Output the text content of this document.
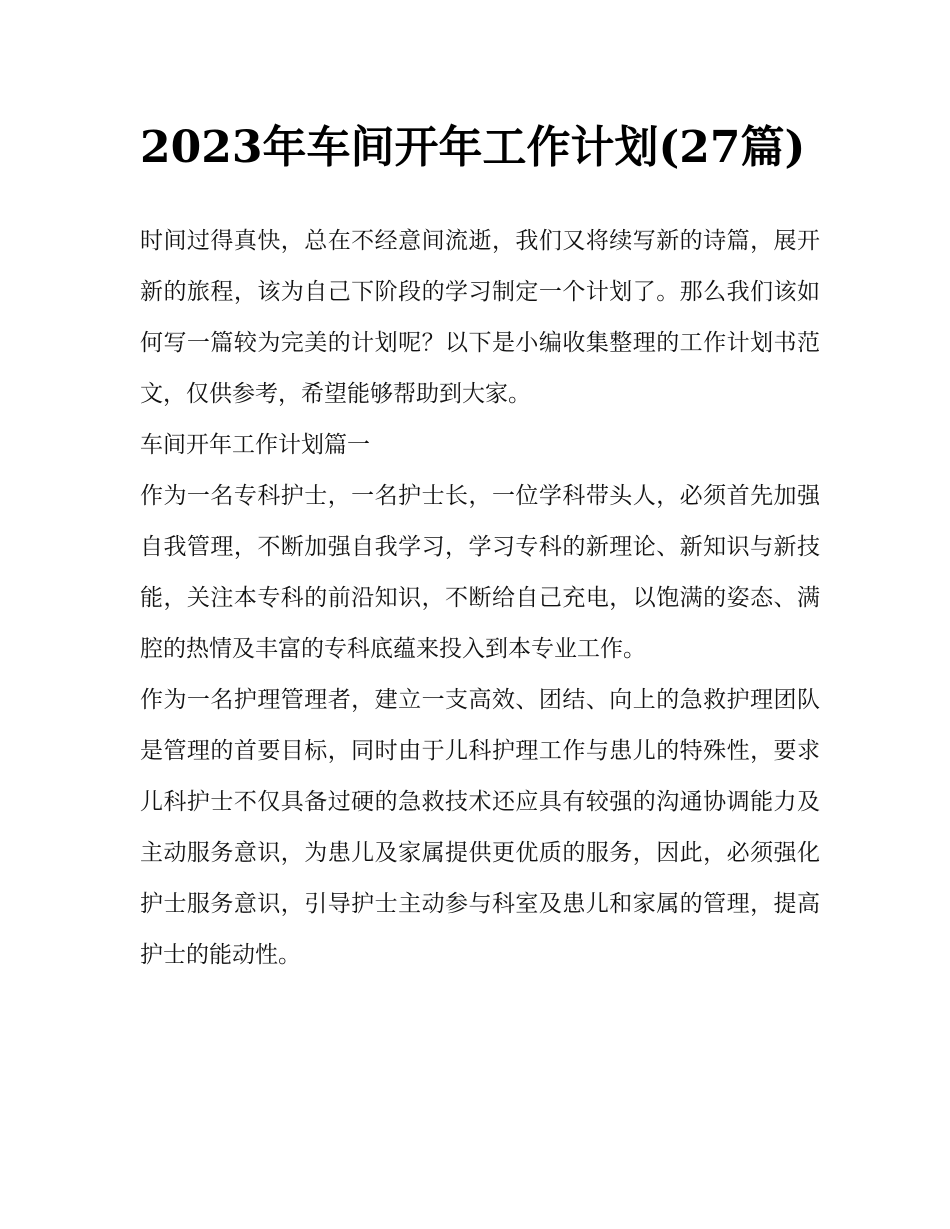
2023年车间开年工作计划(27篇)

时间过得真快，总在不经意间流逝，我们又将续写新的诗篇，展开新的旅程，该为自己下阶段的学习制定一个计划了。那么我们该如何写一篇较为完美的计划呢？以下是小编收集整理的工作计划书范文，仅供参考，希望能够帮助到大家。

车间开年工作计划篇一

作为一名专科护士，一名护士长，一位学科带头人，必须首先加强自我管理，不断加强自我学习，学习专科的新理论、新知识与新技能，关注本专科的前沿知识，不断给自己充电，以饱满的姿态、满腔的热情及丰富的专科底蕴来投入到本专业工作。

作为一名护理管理者，建立一支高效、团结、向上的急救护理团队是管理的首要目标，同时由于儿科护理工作与患儿的特殊性，要求儿科护士不仅具备过硬的急救技术还应具有较强的沟通协调能力及主动服务意识，为患儿及家属提供更优质的服务，因此，必须强化护士服务意识，引导护士主动参与科室及患儿和家属的管理，提高护士的能动性。
